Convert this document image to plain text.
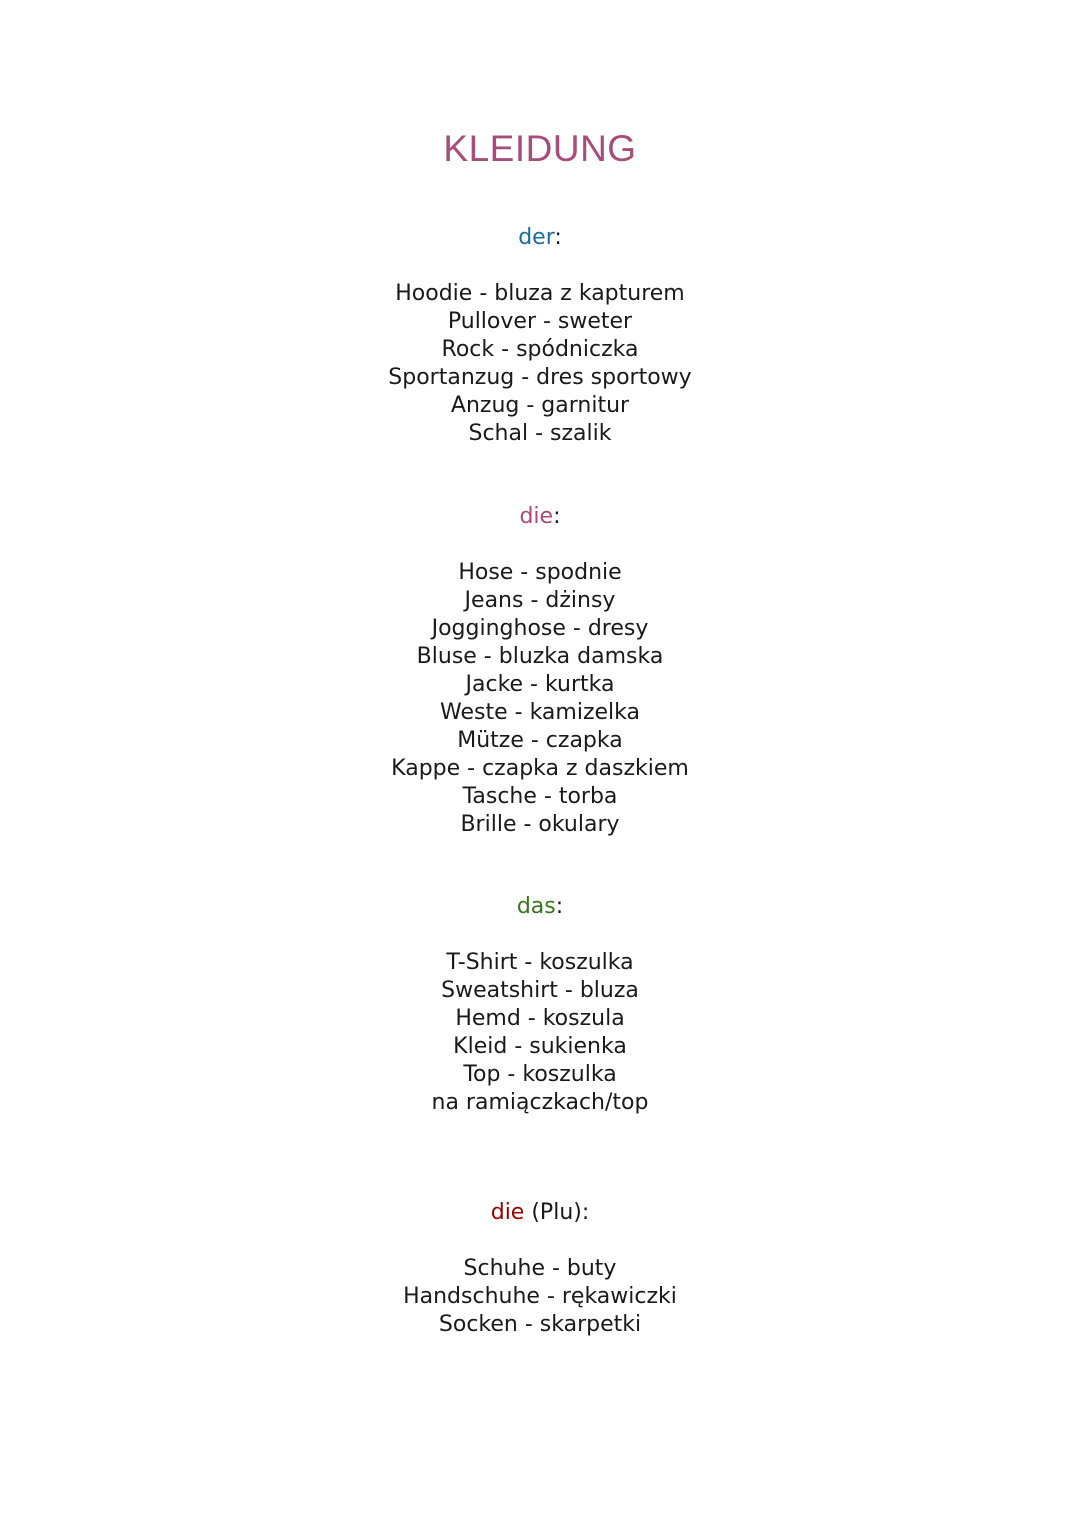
KLEIDUNG
der:
Hoodie - bluza z kapturem
Pullover - sweter
Rock - spódniczka
Sportanzug - dres sportowy
Anzug - garnitur
Schal - szalik
die:
Hose - spodnie
Jeans - dżinsy
Jogginghose - dresy
Bluse - bluzka damska
Jacke - kurtka
Weste - kamizelka
Mütze - czapka
Kappe - czapka z daszkiem
Tasche - torba
Brille - okulary
das:
T-Shirt - koszulka
Sweatshirt - bluza
Hemd - koszula
Kleid - sukienka
Top - koszulka
na ramiączkach/top
die (Plu):
Schuhe - buty
Handschuhe - rękawiczki
Socken - skarpetki
